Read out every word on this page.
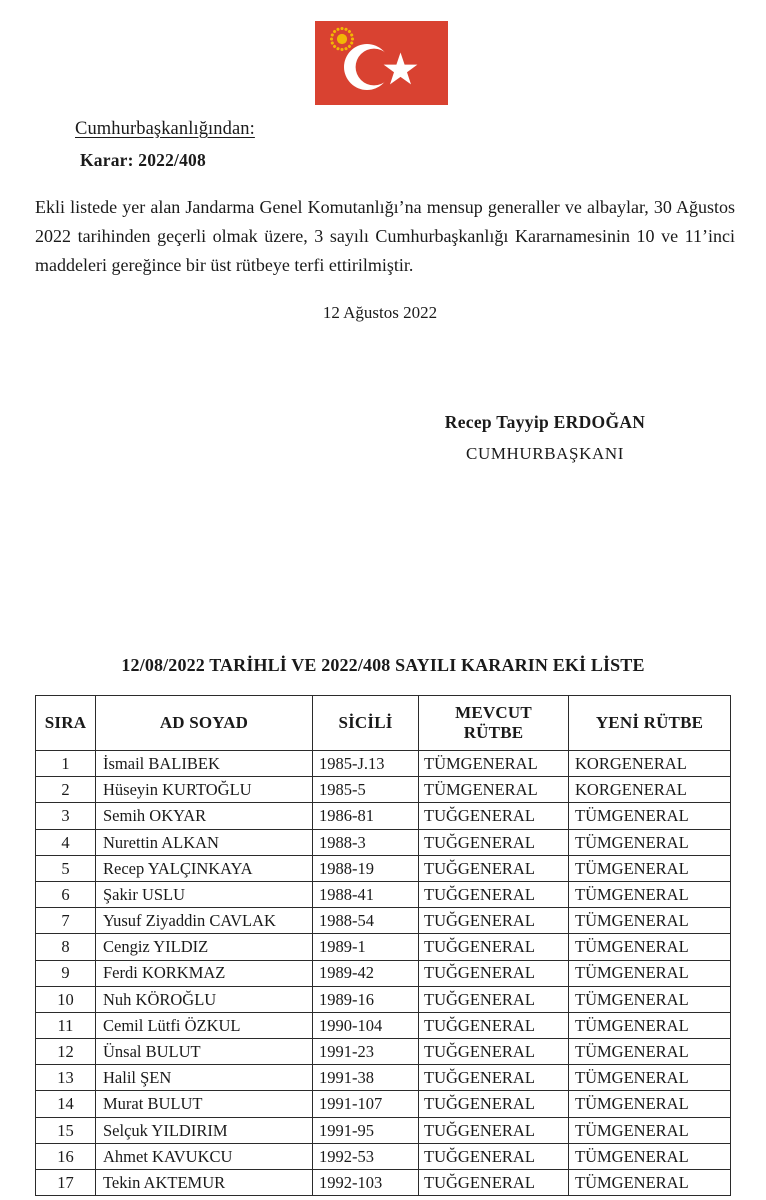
Cumhurbaşkanlığından:
Karar: 2022/408
Ekli listede yer alan Jandarma Genel Komutanlığı’na mensup generaller ve albaylar, 30 Ağustos 2022 tarihinden geçerli olmak üzere, 3 sayılı Cumhurbaşkanlığı Kararnamesinin 10 ve 11’inci maddeleri gereğince bir üst rütbeye terfi ettirilmiştir.
12 Ağustos 2022
Recep Tayyip ERDOĞAN
CUMHURBAŞKANI
12/08/2022 TARİHLİ VE 2022/408 SAYILI KARARIN EKİ LİSTE
SIRA	AD SOYAD	SİCİLİ	MEVCUT
RÜTBE	YENİ RÜTBE
1	İsmail BALIBEK	1985-J.13	TÜMGENERAL	KORGENERAL
2	Hüseyin KURTOĞLU	1985-5	TÜMGENERAL	KORGENERAL
3	Semih OKYAR	1986-81	TUĞGENERAL	TÜMGENERAL
4	Nurettin ALKAN	1988-3	TUĞGENERAL	TÜMGENERAL
5	Recep YALÇINKAYA	1988-19	TUĞGENERAL	TÜMGENERAL
6	Şakir USLU	1988-41	TUĞGENERAL	TÜMGENERAL
7	Yusuf Ziyaddin CAVLAK	1988-54	TUĞGENERAL	TÜMGENERAL
8	Cengiz YILDIZ	1989-1	TUĞGENERAL	TÜMGENERAL
9	Ferdi KORKMAZ	1989-42	TUĞGENERAL	TÜMGENERAL
10	Nuh KÖROĞLU	1989-16	TUĞGENERAL	TÜMGENERAL
11	Cemil Lütfi ÖZKUL	1990-104	TUĞGENERAL	TÜMGENERAL
12	Ünsal BULUT	1991-23	TUĞGENERAL	TÜMGENERAL
13	Halil ŞEN	1991-38	TUĞGENERAL	TÜMGENERAL
14	Murat BULUT	1991-107	TUĞGENERAL	TÜMGENERAL
15	Selçuk YILDIRIM	1991-95	TUĞGENERAL	TÜMGENERAL
16	Ahmet KAVUKCU	1992-53	TUĞGENERAL	TÜMGENERAL
17	Tekin AKTEMUR	1992-103	TUĞGENERAL	TÜMGENERAL
